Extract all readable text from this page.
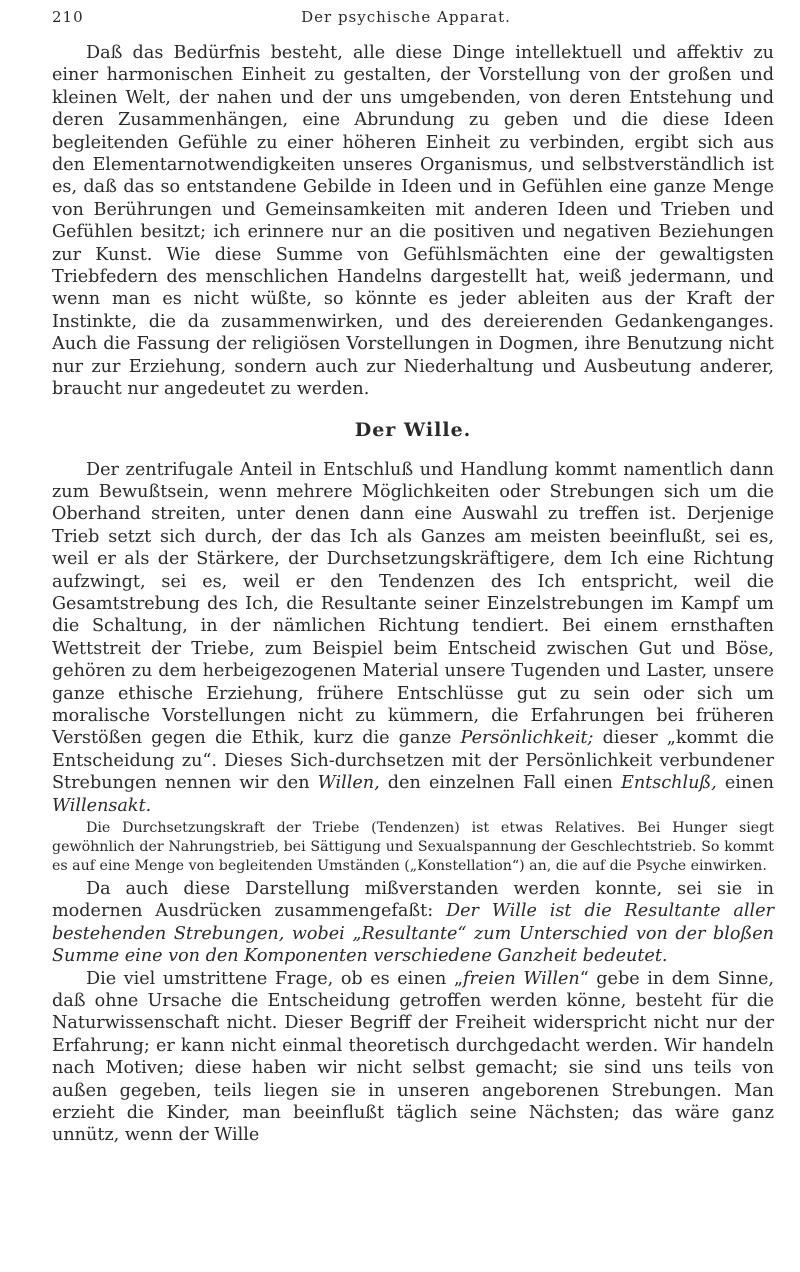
210	Der psychische Apparat.

Daß das Bedürfnis besteht, alle diese Dinge intellektuell und affektiv zu einer harmonischen Einheit zu gestalten, der Vorstellung von der großen und kleinen Welt, der nahen und der uns umgebenden, von deren Entstehung und deren Zusammenhängen, eine Abrundung zu geben und die diese Ideen begleitenden Gefühle zu einer höheren Einheit zu verbinden, ergibt sich aus den Elementarnotwendigkeiten unseres Organismus, und selbstverständlich ist es, daß das so entstandene Gebilde in Ideen und in Gefühlen eine ganze Menge von Berührungen und Gemeinsamkeiten mit anderen Ideen und Trieben und Gefühlen besitzt; ich erinnere nur an die positiven und negativen Beziehungen zur Kunst. Wie diese Summe von Gefühlsmächten eine der gewaltigsten Triebfedern des menschlichen Handelns dargestellt hat, weiß jedermann, und wenn man es nicht wüßte, so könnte es jeder ableiten aus der Kraft der Instinkte, die da zusammenwirken, und des dereierenden Gedankenganges. Auch die Fassung der religiösen Vorstellungen in Dogmen, ihre Benutzung nicht nur zur Erziehung, sondern auch zur Niederhaltung und Ausbeutung anderer, braucht nur angedeutet zu werden.

Der Wille.

Der zentrifugale Anteil in Entschluß und Handlung kommt namentlich dann zum Bewußtsein, wenn mehrere Möglichkeiten oder Strebungen sich um die Oberhand streiten, unter denen dann eine Auswahl zu treffen ist. Derjenige Trieb setzt sich durch, der das Ich als Ganzes am meisten beeinflußt, sei es, weil er als der Stärkere, der Durchsetzungskräftigere, dem Ich eine Richtung aufzwingt, sei es, weil er den Tendenzen des Ich entspricht, weil die Gesamtstrebung des Ich, die Resultante seiner Einzelstrebungen im Kampf um die Schaltung, in der nämlichen Richtung tendiert. Bei einem ernsthaften Wettstreit der Triebe, zum Beispiel beim Entscheid zwischen Gut und Böse, gehören zu dem herbeigezogenen Material unsere Tugenden und Laster, unsere ganze ethische Erziehung, frühere Entschlüsse gut zu sein oder sich um moralische Vorstellungen nicht zu kümmern, die Erfahrungen bei früheren Verstößen gegen die Ethik, kurz die ganze Persönlichkeit; dieser „kommt die Entscheidung zu“. Dieses Sich-durchsetzen mit der Persönlichkeit verbundener Strebungen nennen wir den Willen, den einzelnen Fall einen Entschluß, einen Willensakt.

Die Durchsetzungskraft der Triebe (Tendenzen) ist etwas Relatives. Bei Hunger siegt gewöhnlich der Nahrungstrieb, bei Sättigung und Sexualspannung der Geschlechtstrieb. So kommt es auf eine Menge von begleitenden Umständen („Konstellation“) an, die auf die Psyche einwirken.

Da auch diese Darstellung mißverstanden werden konnte, sei sie in modernen Ausdrücken zusammengefaßt: Der Wille ist die Resultante aller bestehenden Strebungen, wobei „Resultante“ zum Unterschied von der bloßen Summe eine von den Komponenten verschiedene Ganzheit bedeutet.

Die viel umstrittene Frage, ob es einen „freien Willen“ gebe in dem Sinne, daß ohne Ursache die Entscheidung getroffen werden könne, besteht für die Naturwissenschaft nicht. Dieser Begriff der Freiheit widerspricht nicht nur der Erfahrung; er kann nicht einmal theoretisch durchgedacht werden. Wir handeln nach Motiven; diese haben wir nicht selbst gemacht; sie sind uns teils von außen gegeben, teils liegen sie in unseren angeborenen Strebungen. Man erzieht die Kinder, man beeinflußt täglich seine Nächsten; das wäre ganz unnütz, wenn der Wille
